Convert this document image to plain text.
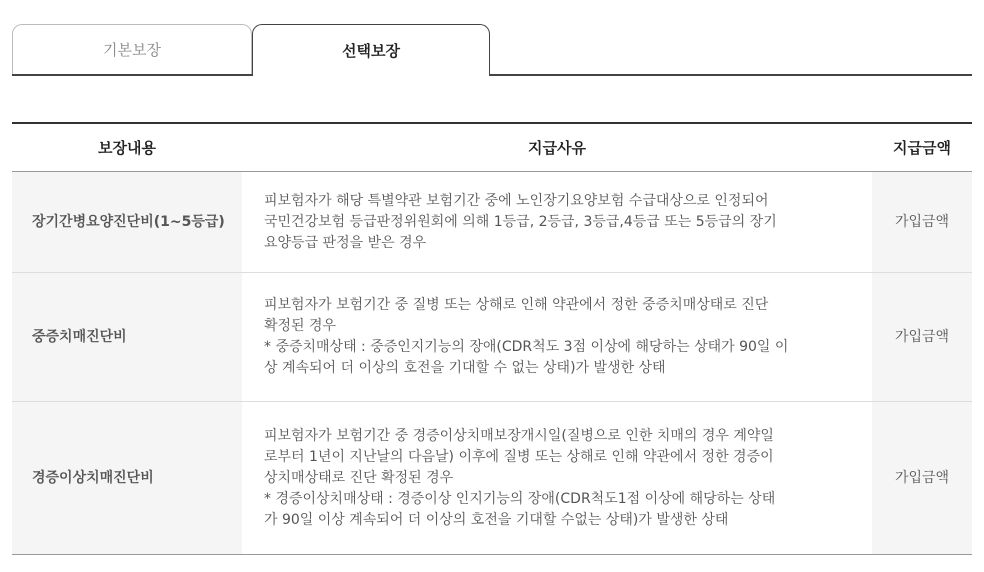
기본보장	선택보장
보장내용	지급사유	지급금액
장기간병요양진단비(1~5등급)	피보험자가 해당 특별약관 보험기간 중에 노인장기요양보험 수급대상으로 인정되어
국민건강보험 등급판정위원회에 의해 1등급, 2등급, 3등급,4등급 또는 5등급의 장기
요양등급 판정을 받은 경우	가입금액
중증치매진단비	피보험자가 보험기간 중 질병 또는 상해로 인해 약관에서 정한 중증치매상태로 진단
확정된 경우
* 중증치매상태 : 중증인지기능의 장애(CDR척도 3점 이상에 해당하는 상태가 90일 이
상 계속되어 더 이상의 호전을 기대할 수 없는 상태)가 발생한 상태	가입금액
경증이상치매진단비	피보험자가 보험기간 중 경증이상치매보장개시일(질병으로 인한 치매의 경우 계약일
로부터 1년이 지난날의 다음날) 이후에 질병 또는 상해로 인해 약관에서 정한 경증이
상치매상태로 진단 확정된 경우
* 경증이상치매상태 : 경증이상 인지기능의 장애(CDR척도1점 이상에 해당하는 상태
가 90일 이상 계속되어 더 이상의 호전을 기대할 수없는 상태)가 발생한 상태	가입금액
